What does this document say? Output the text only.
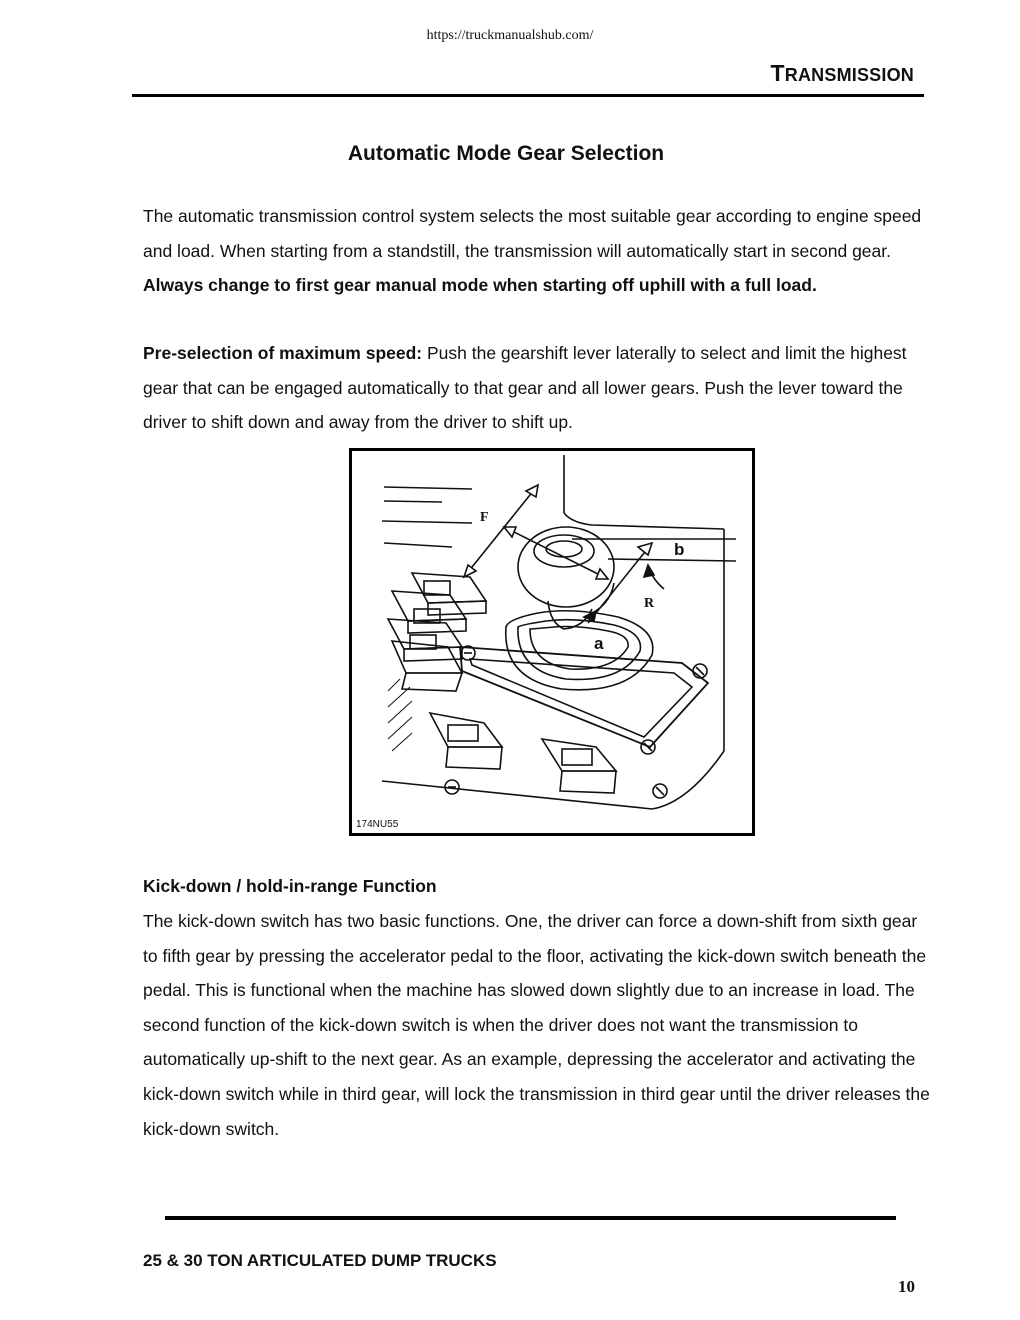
https://truckmanualshub.com/
TRANSMISSION
Automatic Mode Gear Selection

The automatic transmission control system selects the most suitable gear according to engine speed and load. When starting from a standstill, the transmission will automatically start in second gear. Always change to first gear manual mode when starting off uphill with a full load.

Pre-selection of maximum speed: Push the gearshift lever laterally to select and limit the highest gear that can be engaged automatically to that gear and all lower gears. Push the lever toward the driver to shift down and away from the driver to shift up.

F
b
R
a
174NU55
Kick-down / hold-in-range Function

The kick-down switch has two basic functions. One, the driver can force a down-shift from sixth gear to fifth gear by pressing the accelerator pedal to the floor, activating the kick-down switch beneath the pedal. This is functional when the machine has slowed down slightly due to an increase in load. The second function of the kick-down switch is when the driver does not want the transmission to automatically up-shift to the next gear. As an example, depressing the accelerator and activating the kick-down switch while in third gear, will lock the transmission in third gear until the driver releases the kick-down switch.

25 & 30 TON ARTICULATED DUMP TRUCKS
10
